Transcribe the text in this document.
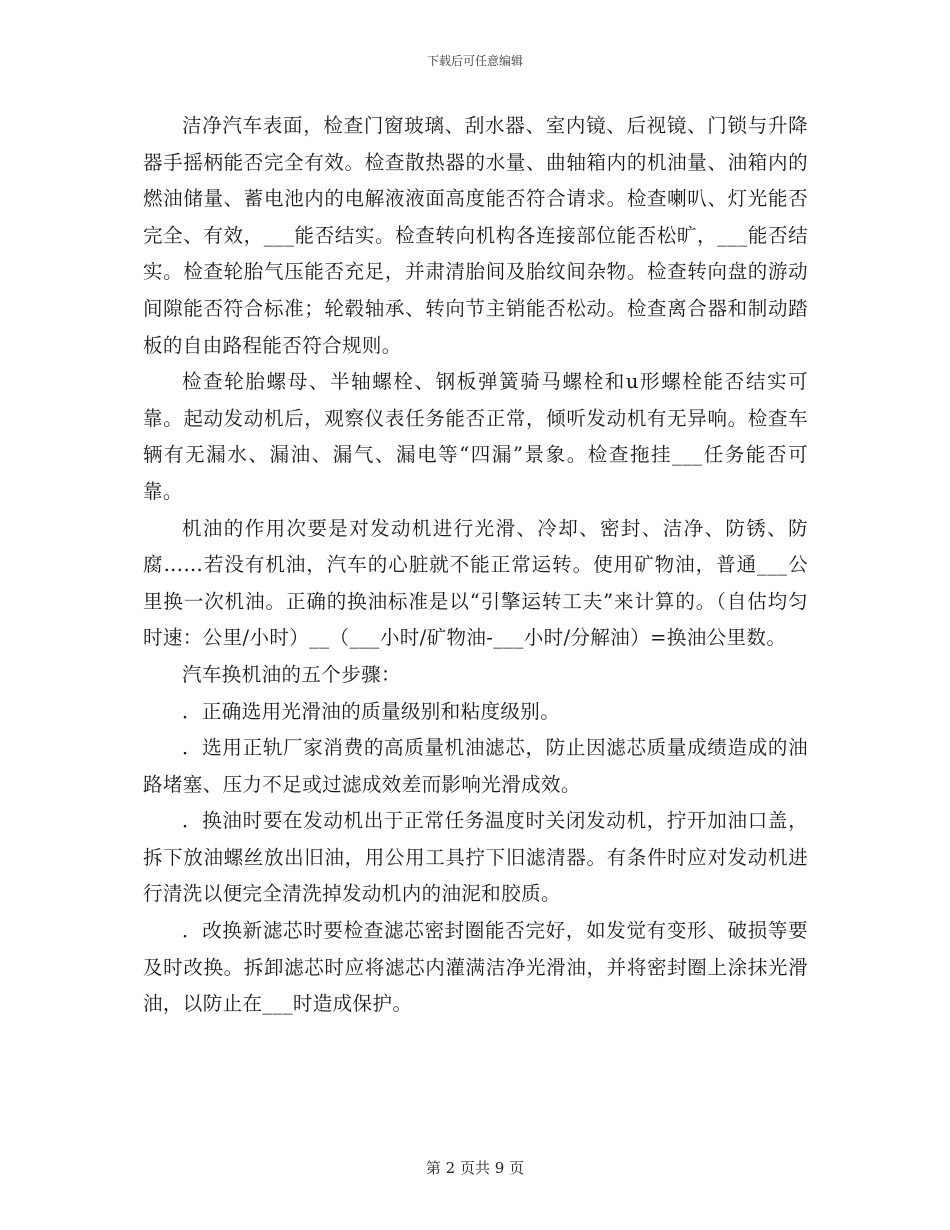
下载后可任意编辑

洁净汽车表面，检查门窗玻璃、刮水器、室内镜、后视镜、门锁与升降器手摇柄能否完全有效。检查散热器的水量、曲轴箱内的机油量、油箱内的燃油储量、蓄电池内的电解液液面高度能否符合请求。检查喇叭、灯光能否完全、有效，___能否结实。检查转向机构各连接部位能否松旷，___能否结实。检查轮胎气压能否充足，并肃清胎间及胎纹间杂物。检查转向盘的游动间隙能否符合标准；轮毂轴承、转向节主销能否松动。检查离合器和制动踏板的自由路程能否符合规则。

检查轮胎螺母、半轴螺栓、钢板弹簧骑马螺栓和u形螺栓能否结实可靠。起动发动机后，观察仪表任务能否正常，倾听发动机有无异响。检查车辆有无漏水、漏油、漏气、漏电等“四漏”景象。检查拖挂___任务能否可靠。

机油的作用次要是对发动机进行光滑、冷却、密封、洁净、防锈、防腐……若没有机油，汽车的心脏就不能正常运转。使用矿物油，普通___公里换一次机油。正确的换油标准是以“引擎运转工夫”来计算的。（自估均匀时速：公里/小时）__（___小时/矿物油-___小时/分解油）=换油公里数。

汽车换机油的五个步骤：

．正确选用光滑油的质量级别和粘度级别。

．选用正轨厂家消费的高质量机油滤芯，防止因滤芯质量成绩造成的油路堵塞、压力不足或过滤成效差而影响光滑成效。

．换油时要在发动机出于正常任务温度时关闭发动机，拧开加油口盖，拆下放油螺丝放出旧油，用公用工具拧下旧滤清器。有条件时应对发动机进行清洗以便完全清洗掉发动机内的油泥和胶质。

．改换新滤芯时要检查滤芯密封圈能否完好，如发觉有变形、破损等要及时改换。拆卸滤芯时应将滤芯内灌满洁净光滑油，并将密封圈上涂抹光滑油，以防止在___时造成保护。

第 2 页共 9 页
